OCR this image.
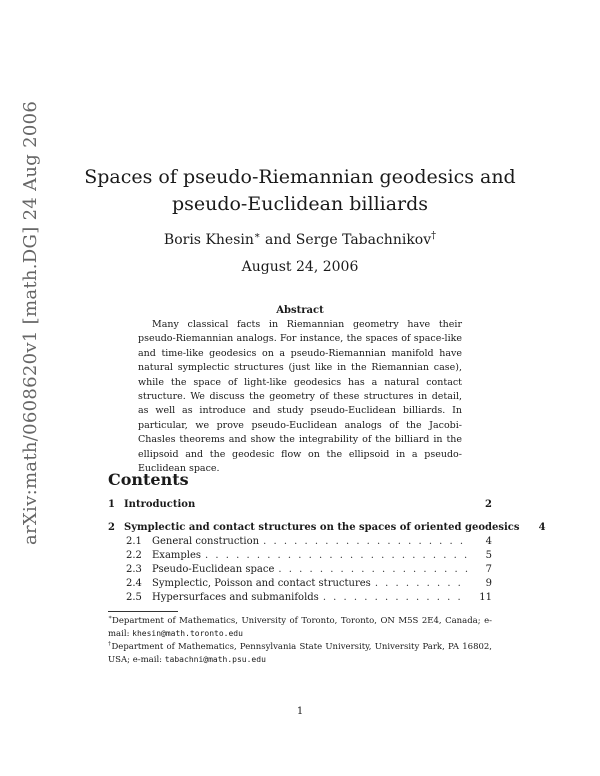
arXiv:math/0608620v1 [math.DG] 24 Aug 2006	Spaces of pseudo-Riemannian geodesics and
pseudo-Euclidean billiards
Boris Khesin∗ and Serge Tabachnikov†
August 24, 2006
Abstract
Many classical facts in Riemannian geometry have their pseudo-Riemannian analogs. For instance, the spaces of space-like and time-like geodesics on a pseudo-Riemannian manifold have natural symplectic structures (just like in the Riemannian case), while the space of light-like geodesics has a natural contact structure. We discuss the geometry of these structures in detail, as well as introduce and study pseudo-Euclidean billiards. In particular, we prove pseudo-Euclidean analogs of the Jacobi-Chasles theorems and show the integrability of the billiard in the ellipsoid and the geodesic flow on the ellipsoid in a pseudo-Euclidean space.
Contents
1 Introduction	2
2 Symplectic and contact structures on the spaces of oriented geodesics	4
2.1	General construction . . .	4
2.2	Examples . . .	5
2.3	Pseudo-Euclidean space . . .	7
2.4	Symplectic, Poisson and contact structures . . .	9
2.5	Hypersurfaces and submanifolds . . .	11
∗Department of Mathematics, University of Toronto, Toronto, ON M5S 2E4, Canada; e-mail: khesin@math.toronto.edu
†Department of Mathematics, Pennsylvania State University, University Park, PA 16802, USA; e-mail: tabachni@math.psu.edu
1
